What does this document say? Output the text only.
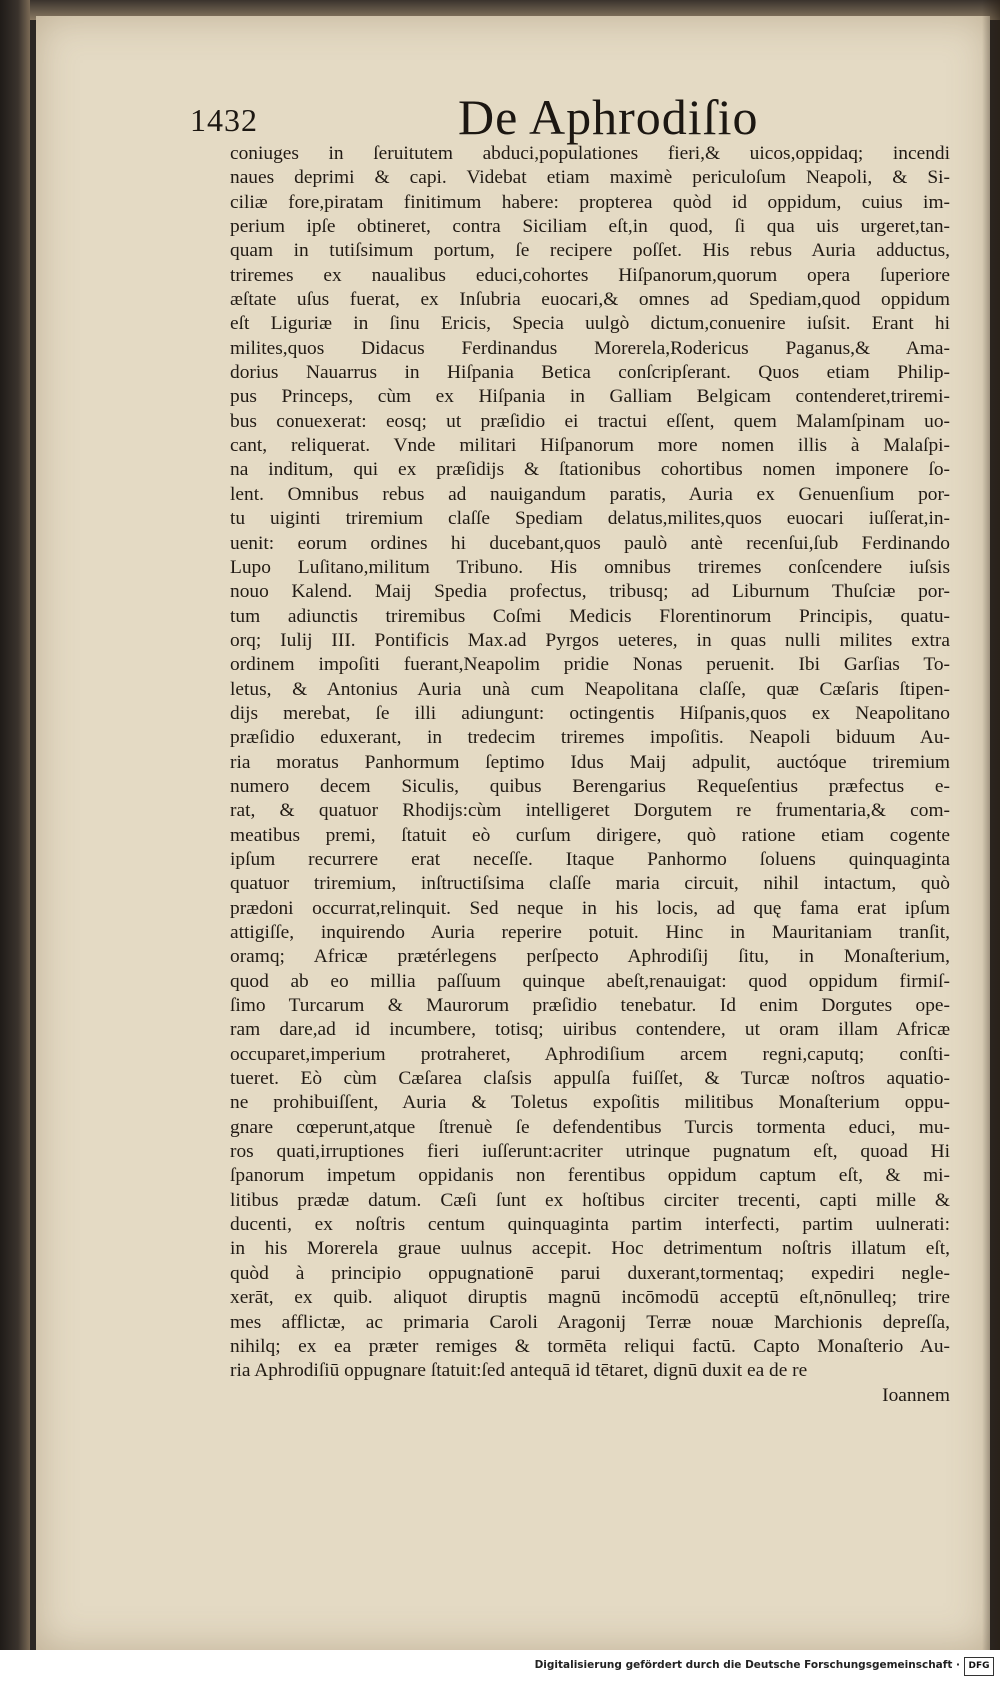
1432	De Aphrodiſio
coniuges in ſeruitutem abduci,populationes fieri,& uicos,oppidaq; incendi
naues deprimi & capi. Videbat etiam maximè periculoſum Neapoli, & Si-
ciliæ fore,piratam finitimum habere: propterea quòd id oppidum, cuius im-
perium ipſe obtineret, contra Siciliam eſt,in quod, ſi qua uis urgeret,tan-
quam in tutiſsimum portum, ſe recipere poſſet. His rebus Auria adductus,
triremes ex naualibus educi,cohortes Hiſpanorum,quorum opera ſuperiore
æſtate uſus fuerat, ex Inſubria euocari,& omnes ad Spediam,quod oppidum
eſt Liguriæ in ſinu Ericis, Specia uulgò dictum,conuenire iuſsit. Erant hi
milites,quos Didacus Ferdinandus Morerela,Rodericus Paganus,& Ama-
dorius Nauarrus in Hiſpania Betica conſcripſerant. Quos etiam Philip-
pus Princeps, cùm ex Hiſpania in Galliam Belgicam contenderet,triremi-
bus conuexerat: eosq; ut præſidio ei tractui eſſent, quem Malamſpinam uo-
cant, reliquerat. Vnde militari Hiſpanorum more nomen illis à Malaſpi-
na inditum, qui ex præſidijs & ſtationibus cohortibus nomen imponere ſo-
lent. Omnibus rebus ad nauigandum paratis, Auria ex Genuenſium por-
tu uiginti triremium claſſe Spediam delatus,milites,quos euocari iuſſerat,in-
uenit: eorum ordines hi ducebant,quos paulò antè recenſui,ſub Ferdinando
Lupo Luſitano,militum Tribuno. His omnibus triremes conſcendere iuſsis
nouo Kalend. Maij Spedia profectus, tribusq; ad Liburnum Thuſciæ por-
tum adiunctis triremibus Coſmi Medicis Florentinorum Principis, quatu-
orq; Iulij III. Pontificis Max.ad Pyrgos ueteres, in quas nulli milites extra
ordinem impoſiti fuerant,Neapolim pridie Nonas peruenit. Ibi Garſias To-
letus, & Antonius Auria unà cum Neapolitana claſſe, quæ Cæſaris ſtipen-
dijs merebat, ſe illi adiungunt: octingentis Hiſpanis,quos ex Neapolitano
præſidio eduxerant, in tredecim triremes impoſitis. Neapoli biduum Au-
ria moratus Panhormum ſeptimo Idus Maij adpulit, auctóque triremium
numero decem Siculis, quibus Berengarius Requeſentius præfectus e-
rat, & quatuor Rhodijs:cùm intelligeret Dorgutem re frumentaria,& com-
meatibus premi, ſtatuit eò curſum dirigere, quò ratione etiam cogente
ipſum recurrere erat neceſſe. Itaque Panhormo ſoluens quinquaginta
quatuor triremium, inſtructiſsima claſſe maria circuit, nihil intactum, quò
prædoni occurrat,relinquit. Sed neque in his locis, ad quę fama erat ipſum
attigiſſe, inquirendo Auria reperire potuit. Hinc in Mauritaniam tranſit,
oramq; Africæ prætérlegens perſpecto Aphrodiſij ſitu, in Monaſterium,
quod ab eo millia paſſuum quinque abeſt,renauigat: quod oppidum firmiſ-
ſimo Turcarum & Maurorum præſidio tenebatur. Id enim Dorgutes ope-
ram dare,ad id incumbere, totisq; uiribus contendere, ut oram illam Africæ
occuparet,imperium protraheret, Aphrodiſium arcem regni,caputq; conſti-
tueret. Eò cùm Cæſarea claſsis appulſa fuiſſet, & Turcæ noſtros aquatio-
ne prohibuiſſent, Auria & Toletus expoſitis militibus Monaſterium oppu-
gnare cœperunt,atque ſtrenuè ſe defendentibus Turcis tormenta educi, mu-
ros quati,irruptiones fieri iuſſerunt:acriter utrinque pugnatum eſt, quoad Hi
ſpanorum impetum oppidanis non ferentibus oppidum captum eſt, & mi-
litibus prædæ datum. Cæſi ſunt ex hoſtibus circiter trecenti, capti mille &
ducenti, ex noſtris centum quinquaginta partim interfecti, partim uulnerati:
in his Morerela graue uulnus accepit. Hoc detrimentum noſtris illatum eſt,
quòd à principio oppugnationē parui duxerant,tormentaq; expediri negle-
xerāt, ex quib. aliquot diruptis magnū incōmodū acceptū eſt,nōnulleq; trire
mes afflictæ, ac primaria Caroli Aragonij Terræ nouæ Marchionis depreſſa,
nihilq; ex ea præter remiges & tormēta reliqui factū. Capto Monaſterio Au-
ria Aphrodiſiū oppugnare ſtatuit:ſed antequā id tētaret, dignū duxit ea de re
Ioannem
Digitalisierung gefördert durch die Deutsche Forschungsgemeinschaft · DFG
